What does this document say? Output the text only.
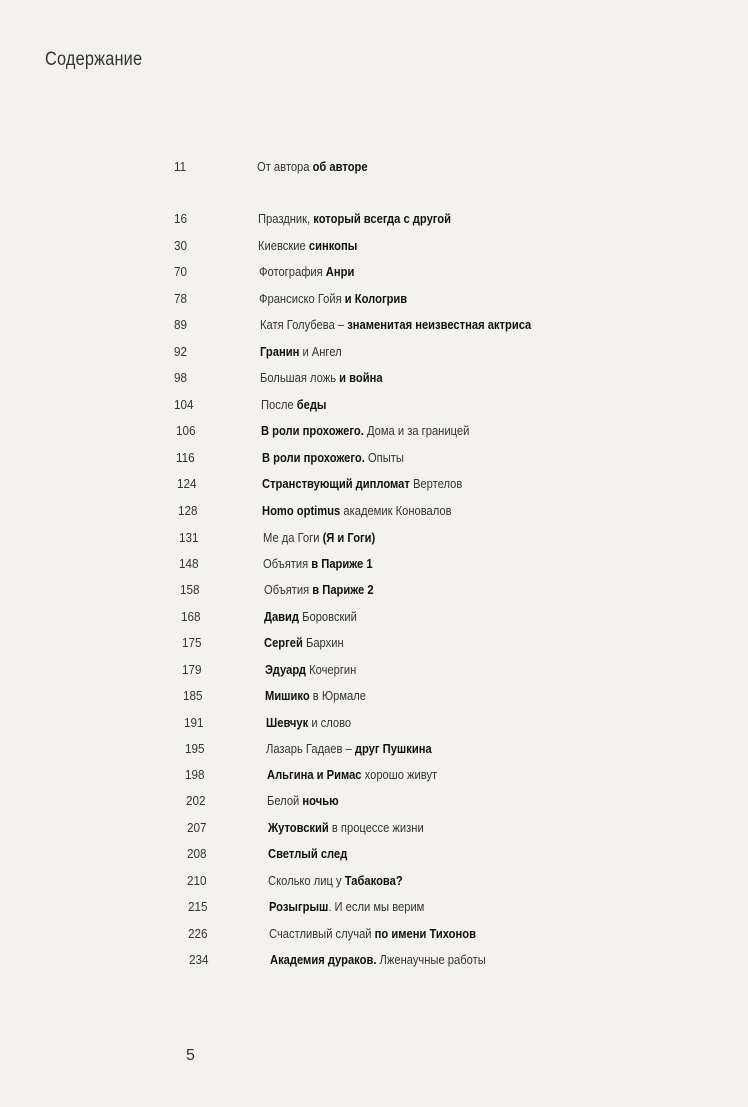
Содержание
11	От автора об авторе
16	Праздник, который всегда с другой
30	Киевские синкопы
70	Фотография Анри
78	Франсиско Гойя и Кологрив
89	Катя Голубева – знаменитая неизвестная актриса
92	Гранин и Ангел
98	Большая ложь и война
104	После беды
106	В роли прохожего. Дома и за границей
116	В роли прохожего. Опыты
124	Странствующий дипломат Вертелов
128	Homo optimus академик Коновалов
131	Ме да Гоги (Я и Гоги)
148	Объятия в Париже 1
158	Объятия в Париже 2
168	Давид Боровский
175	Сергей Бархин
179	Эдуард Кочергин
185	Мишико в Юрмале
191	Шевчук и слово
195	Лазарь Гадаев – друг Пушкина
198	Альгина и Римас хорошо живут
202	Белой ночью
207	Жутовский в процессе жизни
208	Светлый след
210	Сколько лиц у Табакова?
215	Розыгрыш. И если мы верим
226	Счастливый случай по имени Тихонов
234	Академия дураков. Лженаучные работы
5
